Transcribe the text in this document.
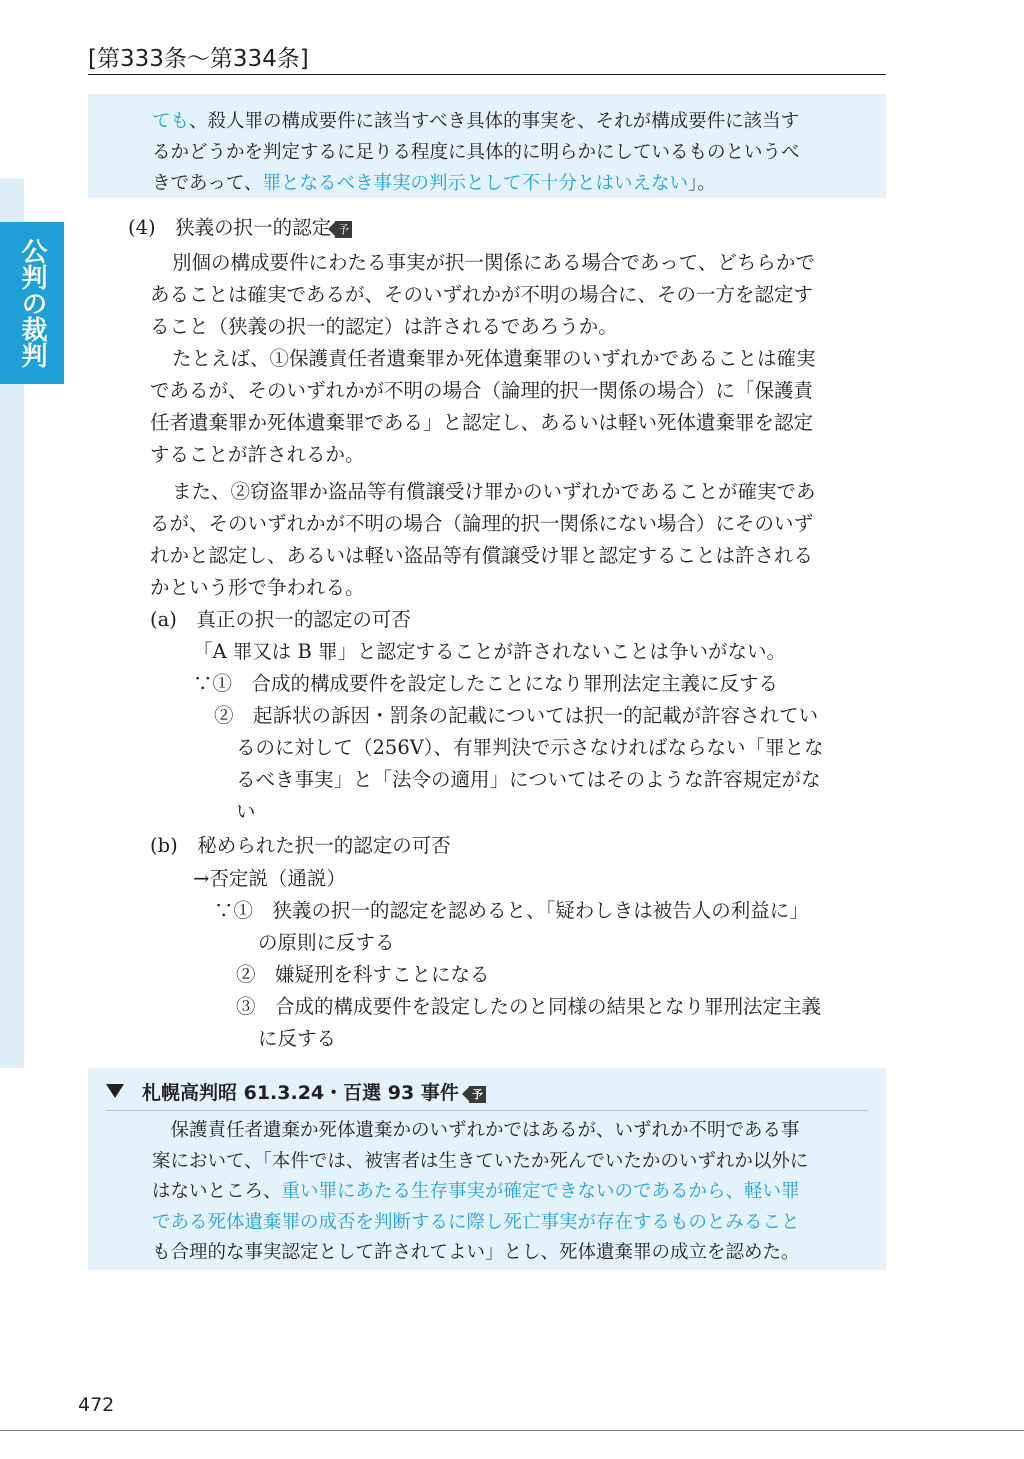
公判の裁判
[第333条〜第334条]
ても、殺人罪の構成要件に該当すべき具体的事実を、それが構成要件に該当す
るかどうかを判定するに足りる程度に具体的に明らかにしているものというべ
きであって、罪となるべき事実の判示として不十分とはいえない」。
(4)　狭義の択一的認定 予
別個の構成要件にわたる事実が択一関係にある場合であって、どちらかで
あることは確実であるが、そのいずれかが不明の場合に、その一方を認定す
ること（狭義の択一的認定）は許されるであろうか。
たとえば、①保護責任者遺棄罪か死体遺棄罪のいずれかであることは確実
であるが、そのいずれかが不明の場合（論理的択一関係の場合）に「保護責
任者遺棄罪か死体遺棄罪である」と認定し、あるいは軽い死体遺棄罪を認定
することが許されるか。
また、②窃盗罪か盗品等有償譲受け罪かのいずれかであることが確実であ
るが、そのいずれかが不明の場合（論理的択一関係にない場合）にそのいず
れかと認定し、あるいは軽い盗品等有償譲受け罪と認定することは許される
かという形で争われる。
(a)　真正の択一的認定の可否
「A 罪又は B 罪」と認定することが許されないことは争いがない。
∵①　合成的構成要件を設定したことになり罪刑法定主義に反する
②　起訴状の訴因・罰条の記載については択一的記載が許容されてい
るのに対して（256Ⅴ）、有罪判決で示さなければならない「罪とな
るべき事実」と「法令の適用」についてはそのような許容規定がな
い
(b)　秘められた択一的認定の可否
→否定説（通説）
∵①　狭義の択一的認定を認めると、「疑わしきは被告人の利益に」
の原則に反する
②　嫌疑刑を科すことになる
③　合成的構成要件を設定したのと同様の結果となり罪刑法定主義
に反する
札幌高判昭 61.3.24・百選 93 事件 予
　保護責任者遺棄か死体遺棄かのいずれかではあるが、いずれか不明である事
案において、「本件では、被害者は生きていたか死んでいたかのいずれか以外に
はないところ、重い罪にあたる生存事実が確定できないのであるから、軽い罪
である死体遺棄罪の成否を判断するに際し死亡事実が存在するものとみること
も合理的な事実認定として許されてよい」とし、死体遺棄罪の成立を認めた。
472
